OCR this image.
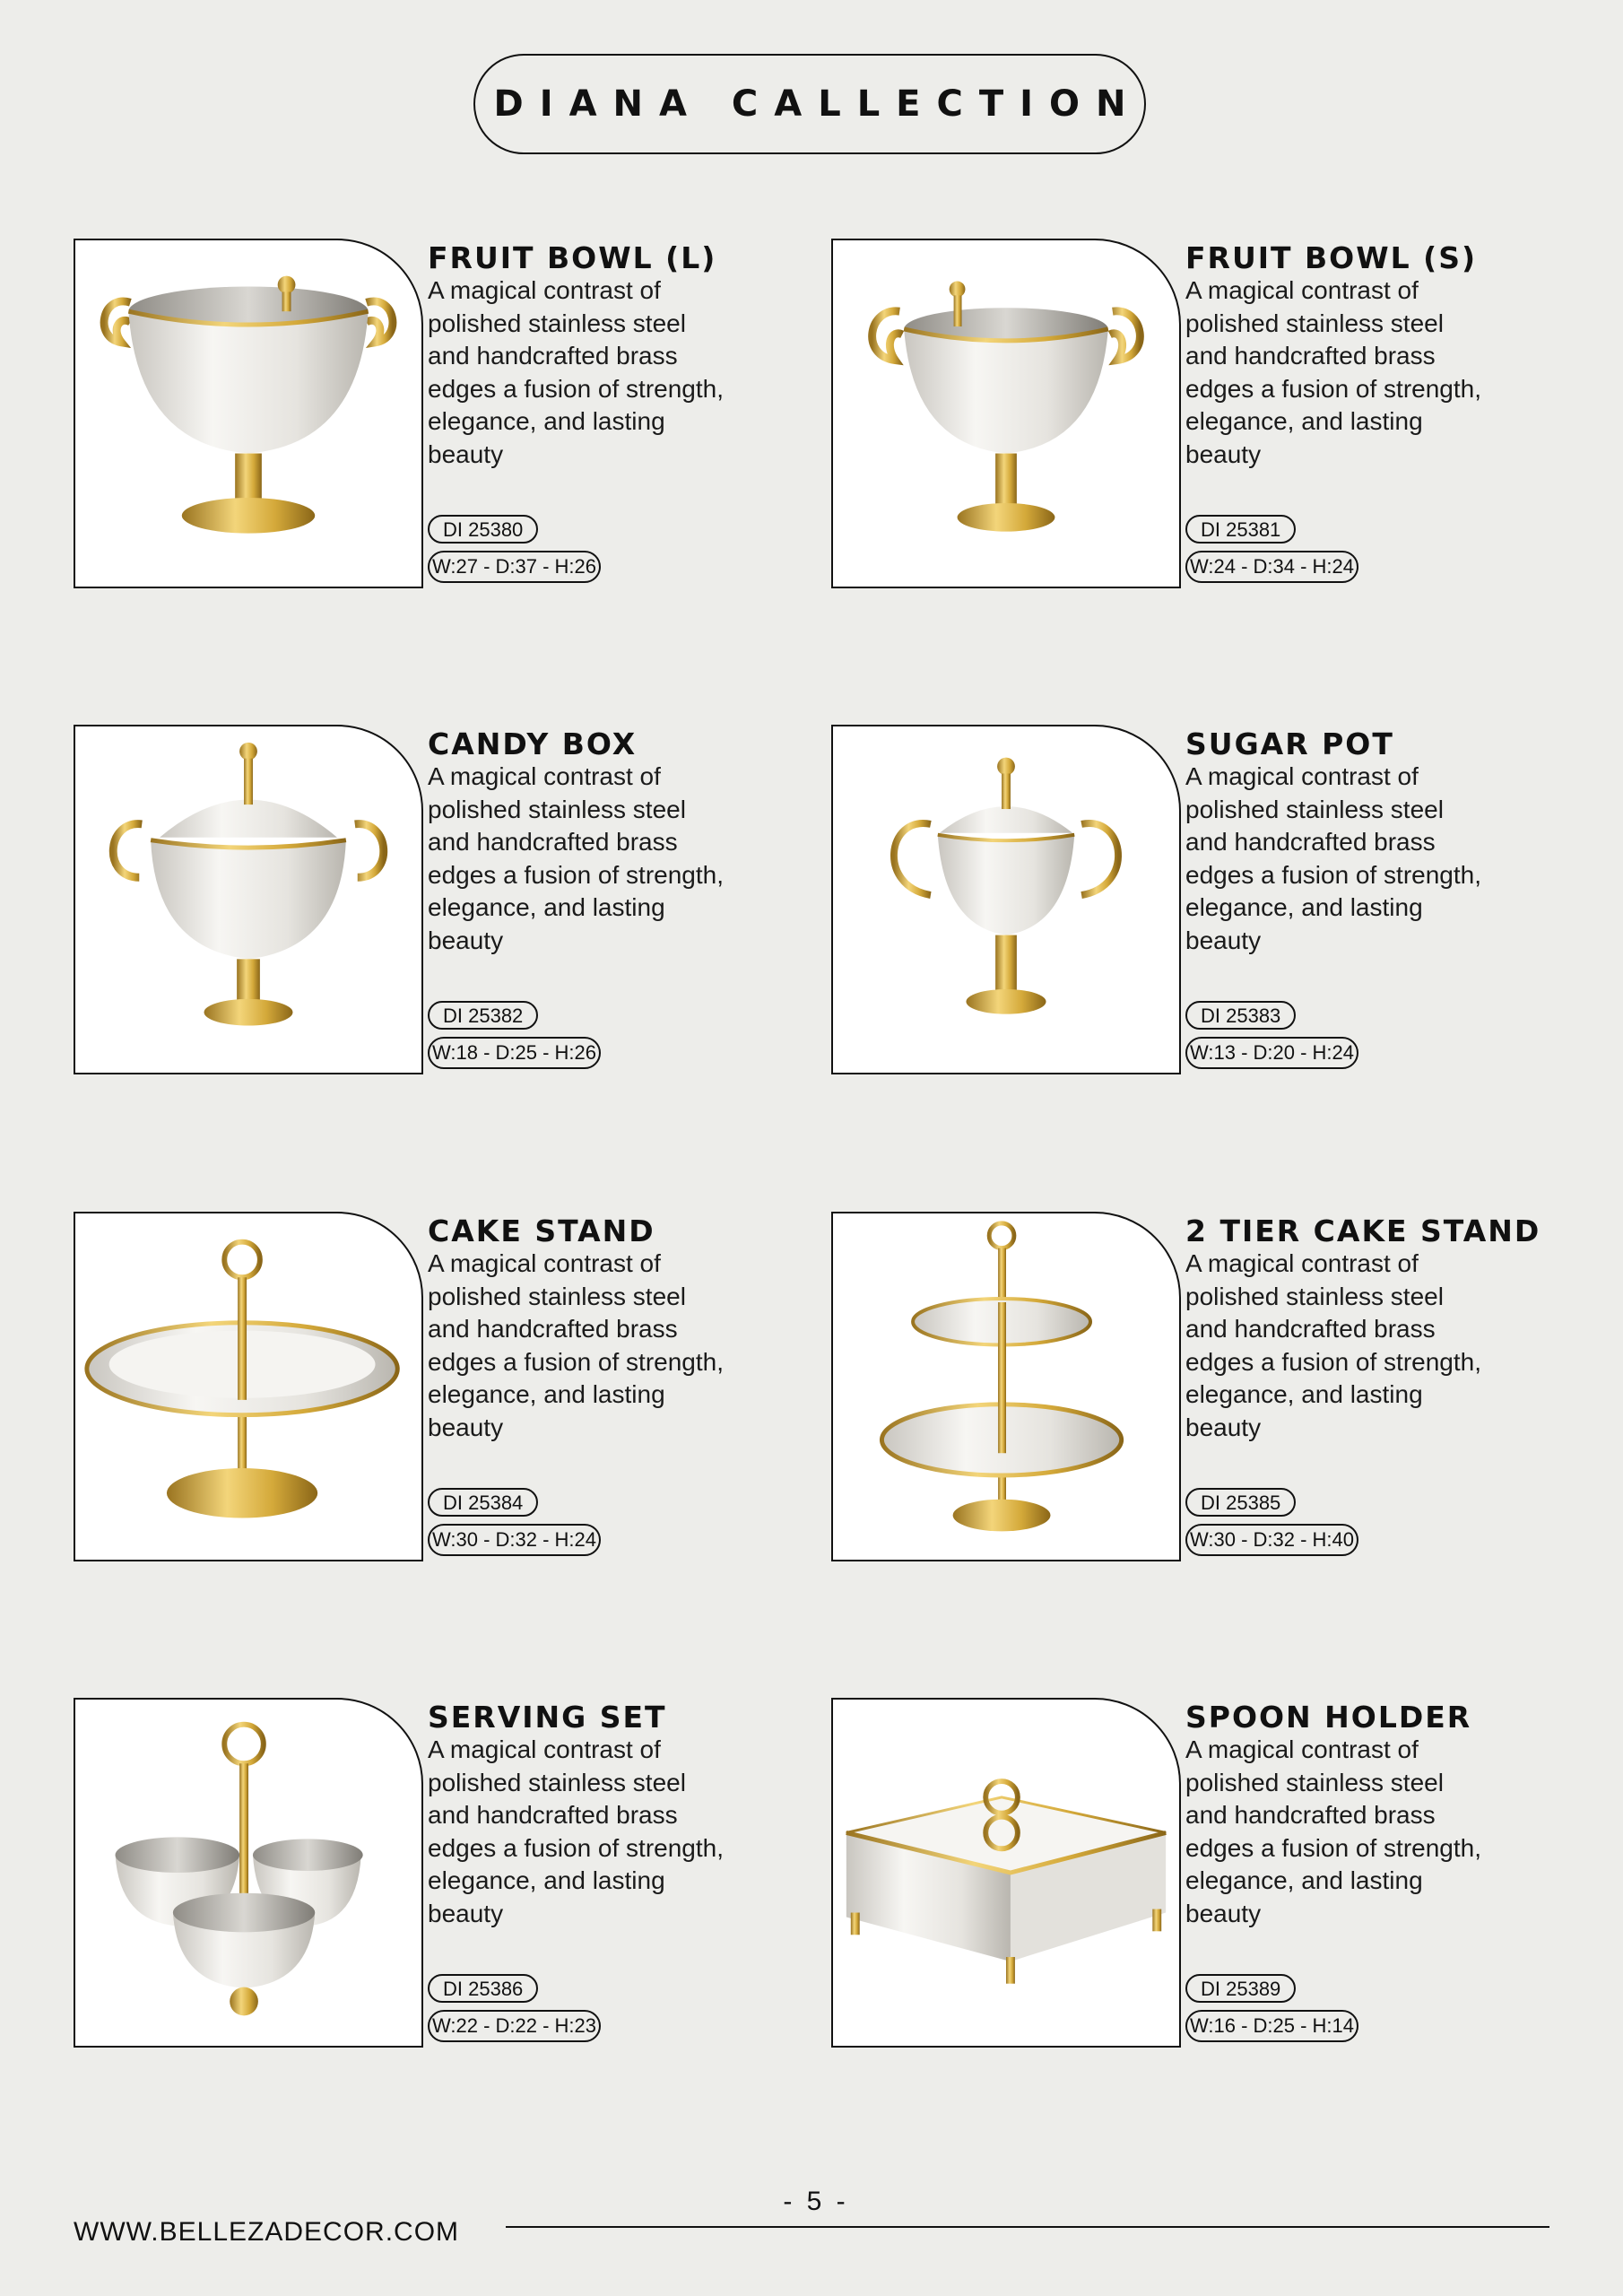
DIANA CALLECTION
FRUIT BOWL (L)
A magical contrast of polished stainless steel and handcrafted brass edges a fusion of strength, elegance, and lasting beauty
DI 25380
W:27 - D:37 - H:26
FRUIT BOWL (S)
A magical contrast of polished stainless steel and handcrafted brass edges a fusion of strength, elegance, and lasting beauty
DI 25381
W:24 - D:34 - H:24
CANDY BOX
A magical contrast of polished stainless steel and handcrafted brass edges a fusion of strength, elegance, and lasting beauty
DI 25382
W:18 - D:25 - H:26
SUGAR POT
A magical contrast of polished stainless steel and handcrafted brass edges a fusion of strength, elegance, and lasting beauty
DI 25383
W:13 - D:20 - H:24
CAKE STAND
A magical contrast of polished stainless steel and handcrafted brass edges a fusion of strength, elegance, and lasting beauty
DI 25384
W:30 - D:32 - H:24
2 TIER CAKE STAND
A magical contrast of polished stainless steel and handcrafted brass edges a fusion of strength, elegance, and lasting beauty
DI 25385
W:30 - D:32 - H:40
SERVING SET
A magical contrast of polished stainless steel and handcrafted brass edges a fusion of strength, elegance, and lasting beauty
DI 25386
W:22 - D:22 - H:23
SPOON HOLDER
A magical contrast of polished stainless steel and handcrafted brass edges a fusion of strength, elegance, and lasting beauty
DI 25389
W:16 - D:25 - H:14
- 5 -
WWW.BELLEZADECOR.COM
